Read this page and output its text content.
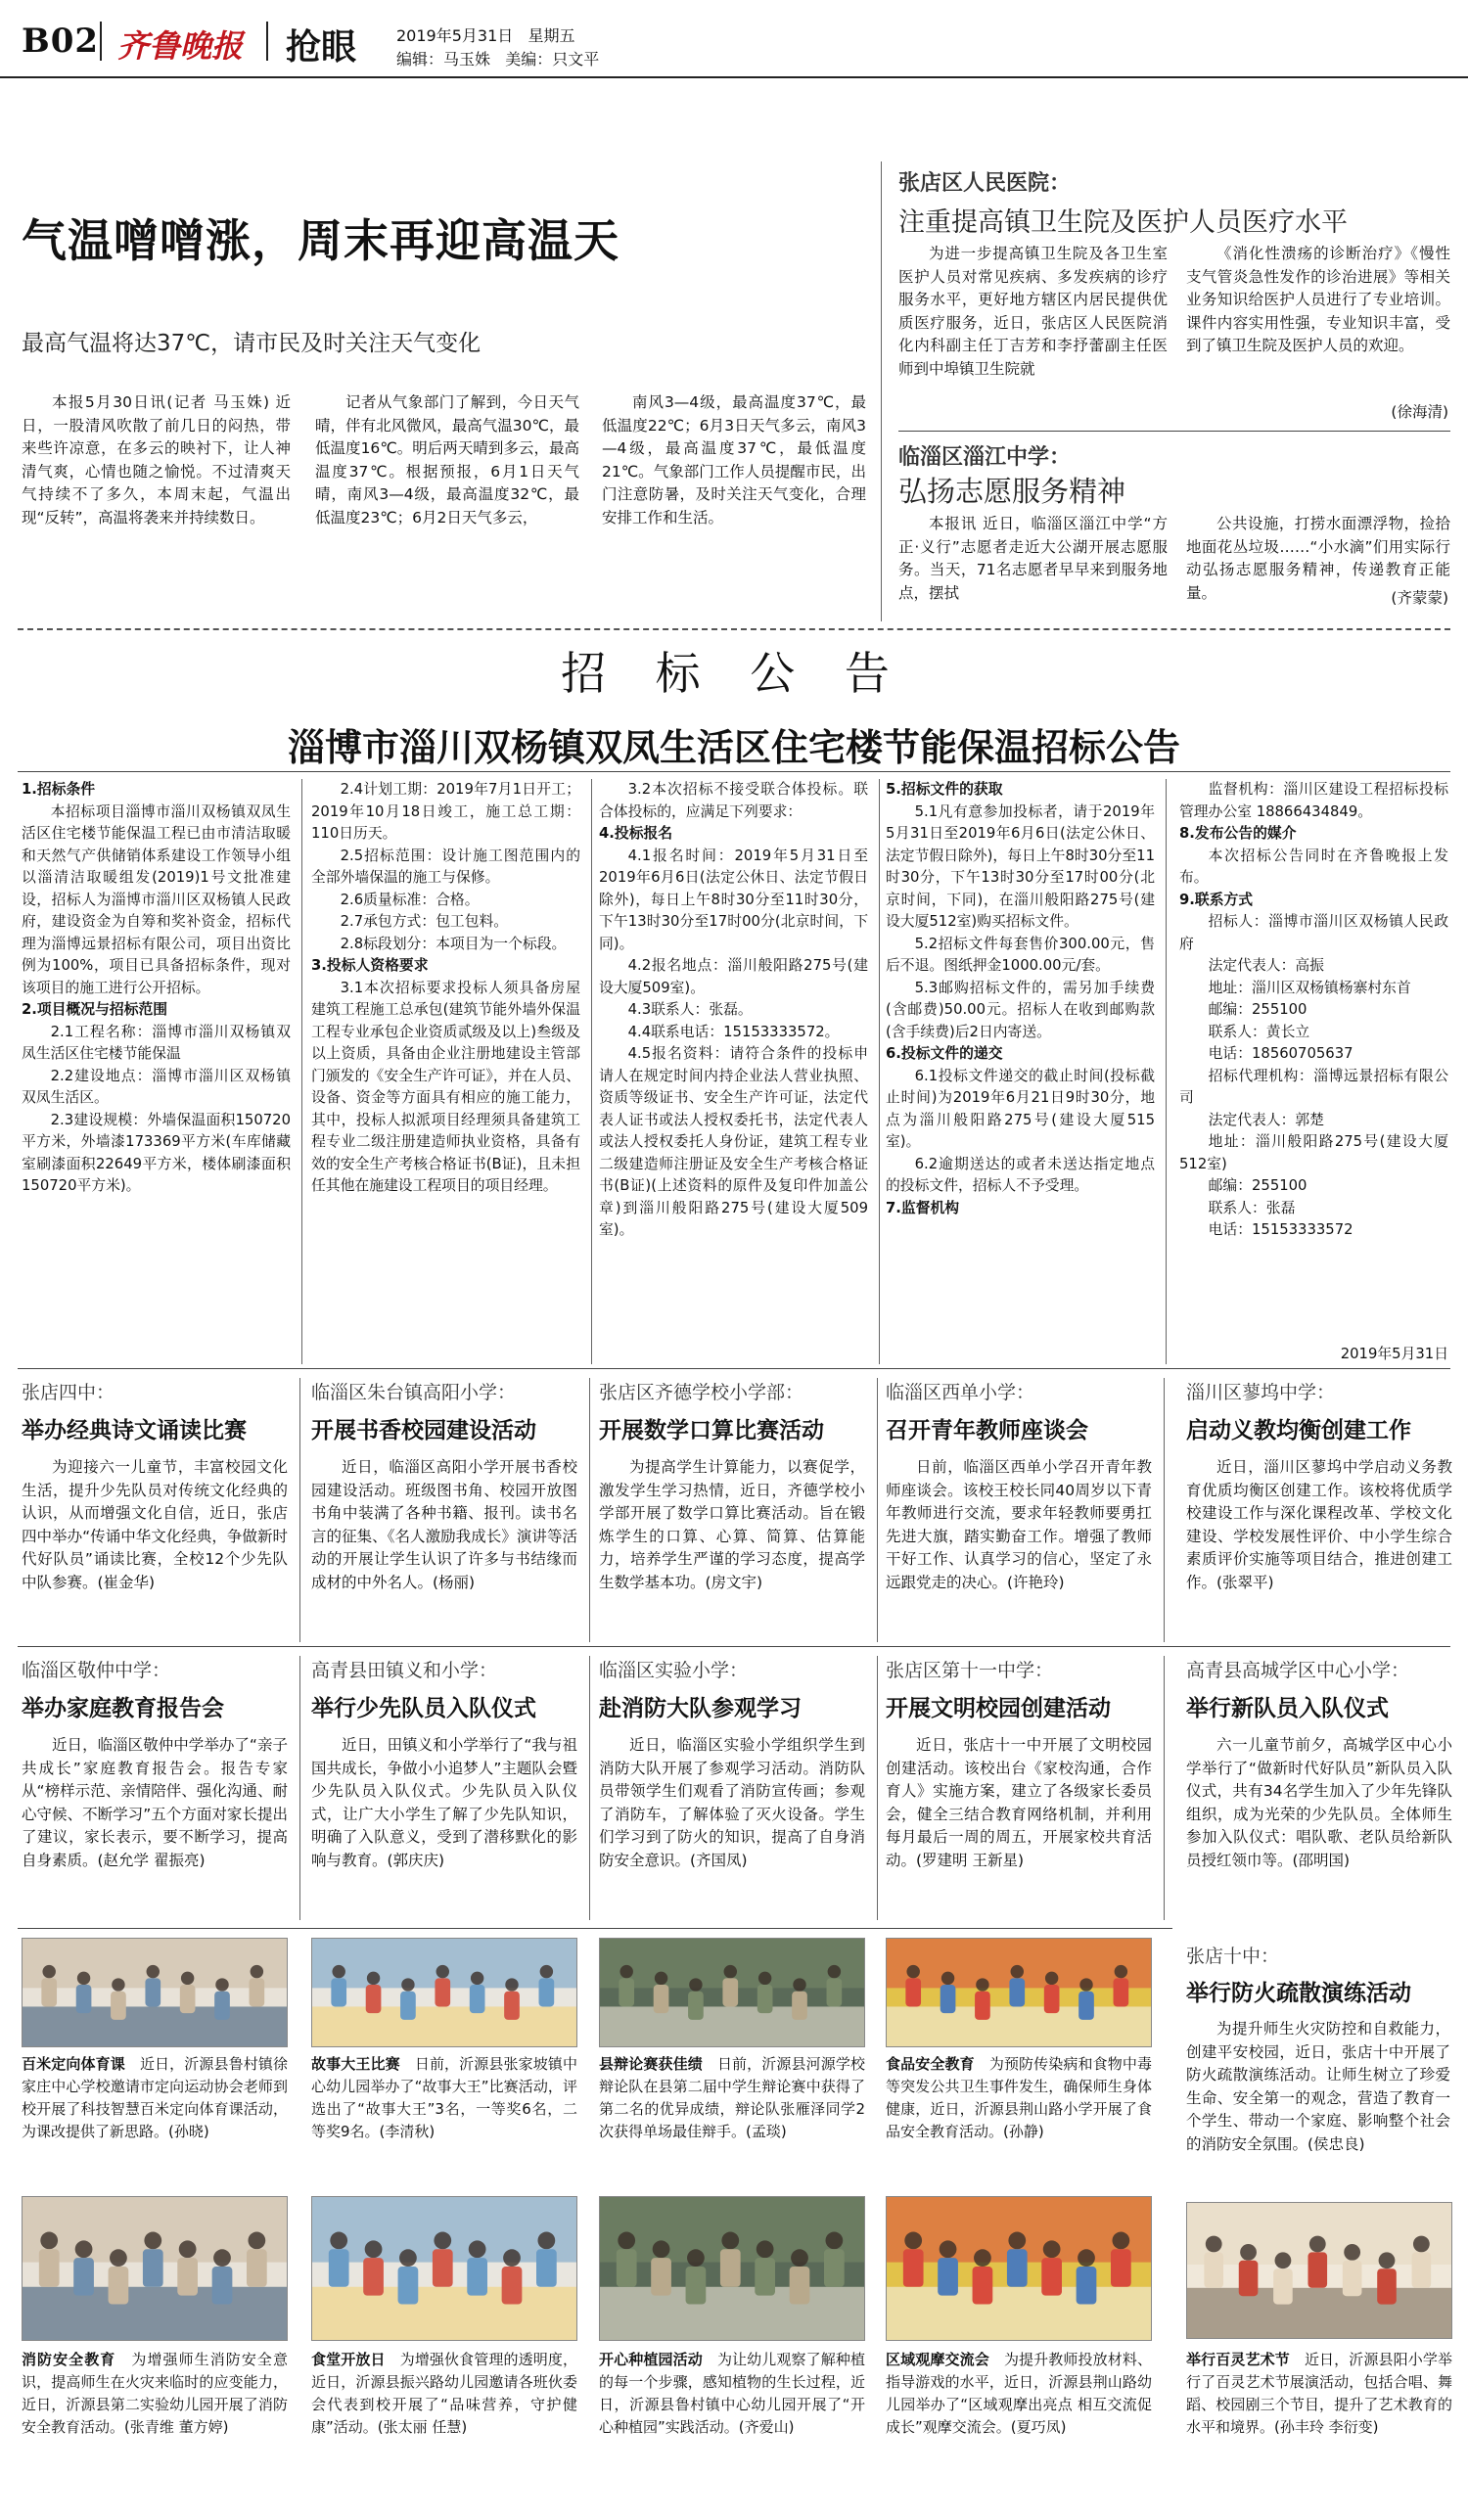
B02 齐鲁晚报 抢眼	2019年5月31日 星期五
编辑：马玉姝 美编：只文平
气温噌噌涨，周末再迎高温天
最高气温将达37℃，请市民及时关注天气变化

本报5月30日讯(记者 马玉姝) 近日，一股清风吹散了前几日的闷热，带来些许凉意，在多云的映衬下，让人神清气爽，心情也随之愉悦。不过清爽天气持续不了多久，本周末起，气温出现“反转”，高温将袭来并持续数日。

记者从气象部门了解到，今日天气晴，伴有北风微风，最高气温30℃，最低温度16℃。明后两天晴到多云，最高温度37℃。根据预报，6月1日天气晴，南风3—4级，最高温度32℃，最低温度23℃；6月2日天气多云，

南风3—4级，最高温度37℃，最低温度22℃；6月3日天气多云，南风3—4级，最高温度37℃，最低温度21℃。气象部门工作人员提醒市民，出门注意防暑，及时关注天气变化，合理安排工作和生活。

张店区人民医院：
注重提高镇卫生院及医护人员医疗水平

为进一步提高镇卫生院及各卫生室医护人员对常见疾病、多发疾病的诊疗服务水平，更好地方辖区内居民提供优质医疗服务，近日，张店区人民医院消化内科副主任丁吉芳和李抒蕾副主任医师到中埠镇卫生院就

《消化性溃疡的诊断治疗》《慢性支气管炎急性发作的诊治进展》等相关业务知识给医护人员进行了专业培训。课件内容实用性强，专业知识丰富，受到了镇卫生院及医护人员的欢迎。

(徐海清)
临淄区淄江中学：
弘扬志愿服务精神

本报讯 近日，临淄区淄江中学“方正·义行”志愿者走近大公湖开展志愿服务。当天，71名志愿者早早来到服务地点，摆拭

公共设施，打捞水面漂浮物，捡拾地面花丛垃圾……“小水滴”们用实际行动弘扬志愿服务精神，传递教育正能量。	(齐蒙蒙)
招 标 公 告
淄博市淄川双杨镇双凤生活区住宅楼节能保温招标公告

1.招标条件

本招标项目淄博市淄川双杨镇双凤生活区住宅楼节能保温工程已由市清洁取暖和天然气产供储销体系建设工作领导小组以淄清洁取暖组发(2019)1号文批准建设，招标人为淄博市淄川区双杨镇人民政府，建设资金为自筹和奖补资金，招标代理为淄博远景招标有限公司，项目出资比例为100%，项目已具备招标条件，现对该项目的施工进行公开招标。

2.项目概况与招标范围

2.1工程名称：淄博市淄川双杨镇双凤生活区住宅楼节能保温

2.2建设地点：淄博市淄川区双杨镇双凤生活区。

2.3建设规模：外墙保温面积150720平方米，外墙漆173369平方米(车库储藏室刷漆面积22649平方米，楼体刷漆面积150720平方米)。

2.4计划工期：2019年7月1日开工；2019年10月18日竣工，施工总工期：110日历天。

2.5招标范围：设计施工图范围内的全部外墙保温的施工与保修。

2.6质量标准：合格。

2.7承包方式：包工包料。

2.8标段划分：本项目为一个标段。

3.投标人资格要求

3.1本次招标要求投标人须具备房屋建筑工程施工总承包(建筑节能外墙外保温工程专业承包企业资质贰级及以上)叁级及以上资质，具备由企业注册地建设主管部门颁发的《安全生产许可证》，并在人员、设备、资金等方面具有相应的施工能力，其中，投标人拟派项目经理须具备建筑工程专业二级注册建造师执业资格，具备有效的安全生产考核合格证书(B证)，且未担任其他在施建设工程项目的项目经理。

3.2本次招标不接受联合体投标。联合体投标的，应满足下列要求：

4.投标报名

4.1报名时间：2019年5月31日至2019年6月6日(法定公休日、法定节假日除外)，每日上午8时30分至11时30分，下午13时30分至17时00分(北京时间，下同)。

4.2报名地点：淄川般阳路275号(建设大厦509室)。

4.3联系人：张磊。

4.4联系电话：15153333572。

4.5报名资料：请符合条件的投标申请人在规定时间内持企业法人营业执照、资质等级证书、安全生产许可证，法定代表人证书或法人授权委托书，法定代表人或法人授权委托人身份证，建筑工程专业二级建造师注册证及安全生产考核合格证书(B证)(上述资料的原件及复印件加盖公章)到淄川般阳路275号(建设大厦509室)。

5.招标文件的获取

5.1凡有意参加投标者，请于2019年5月31日至2019年6月6日(法定公休日、法定节假日除外)，每日上午8时30分至11时30分，下午13时30分至17时00分(北京时间，下同)，在淄川般阳路275号(建设大厦512室)购买招标文件。

5.2招标文件每套售价300.00元，售后不退。图纸押金1000.00元/套。

5.3邮购招标文件的，需另加手续费(含邮费)50.00元。招标人在收到邮购款(含手续费)后2日内寄送。

6.投标文件的递交

6.1投标文件递交的截止时间(投标截止时间)为2019年6月21日9时30分，地点为淄川般阳路275号(建设大厦515室)。

6.2逾期送达的或者未送达指定地点的投标文件，招标人不予受理。

7.监督机构

监督机构：淄川区建设工程招标投标管理办公室 18866434849。

8.发布公告的媒介

本次招标公告同时在齐鲁晚报上发布。

9.联系方式

招标人：淄博市淄川区双杨镇人民政府

法定代表人：高振

地址：淄川区双杨镇杨寨村东首

邮编：255100

联系人：黄长立

电话：18560705637

招标代理机构：淄博远景招标有限公司

法定代表人：郭楚

地址：淄川般阳路275号(建设大厦512室)

邮编：255100

联系人：张磊

电话：15153333572

2019年5月31日
张店四中：
举办经典诗文诵读比赛

为迎接六一儿童节，丰富校园文化生活，提升少先队员对传统文化经典的认识，从而增强文化自信，近日，张店四中举办“传诵中华文化经典，争做新时代好队员”诵读比赛，全校12个少先队中队参赛。(崔金华)

临淄区朱台镇高阳小学：
开展书香校园建设活动

近日，临淄区高阳小学开展书香校园建设活动。班级图书角、校园开放图书角中装满了各种书籍、报刊。读书名言的征集、《名人激励我成长》演讲等活动的开展让学生认识了许多与书结缘而成材的中外名人。(杨丽)

张店区齐德学校小学部：
开展数学口算比赛活动

为提高学生计算能力，以赛促学，激发学生学习热情，近日，齐德学校小学部开展了数学口算比赛活动。旨在锻炼学生的口算、心算、简算、估算能力，培养学生严谨的学习态度，提高学生数学基本功。(房文宇)

临淄区西单小学：
召开青年教师座谈会

日前，临淄区西单小学召开青年教师座谈会。该校王校长同40周岁以下青年教师进行交流，要求年轻教师要勇扛先进大旗，踏实勤奋工作。增强了教师干好工作、认真学习的信心，坚定了永远跟党走的决心。(许艳玲)

淄川区蓼坞中学：
启动义教均衡创建工作

近日，淄川区蓼坞中学启动义务教育优质均衡区创建工作。该校将优质学校建设工作与深化课程改革、学校文化建设、学校发展性评价、中小学生综合素质评价实施等项目结合，推进创建工作。(张翠平)

临淄区敬仲中学：
举办家庭教育报告会

近日，临淄区敬仲中学举办了“亲子共成长”家庭教育报告会。报告专家从“榜样示范、亲情陪伴、强化沟通、耐心守候、不断学习”五个方面对家长提出了建议，家长表示，要不断学习，提高自身素质。(赵允学 翟振亮)

高青县田镇义和小学：
举行少先队员入队仪式

近日，田镇义和小学举行了“我与祖国共成长，争做小小追梦人”主题队会暨少先队员入队仪式。少先队员入队仪式，让广大小学生了解了少先队知识，明确了入队意义，受到了潜移默化的影响与教育。(郭庆庆)

临淄区实验小学：
赴消防大队参观学习

近日，临淄区实验小学组织学生到消防大队开展了参观学习活动。消防队员带领学生们观看了消防宣传画；参观了消防车，了解体验了灭火设备。学生们学习到了防火的知识，提高了自身消防安全意识。(齐国凤)

张店区第十一中学：
开展文明校园创建活动

近日，张店十一中开展了文明校园创建活动。该校出台《家校沟通，合作育人》实施方案，建立了各级家长委员会，健全三结合教育网络机制，并利用每月最后一周的周五，开展家校共育活动。(罗建明 王新星)

高青县高城学区中心小学：
举行新队员入队仪式

六一儿童节前夕，高城学区中心小学举行了“做新时代好队员”新队员入队仪式，共有34名学生加入了少年先锋队组织，成为光荣的少先队员。全体师生参加入队仪式：唱队歌、老队员给新队员授红领巾等。(邵明国)

张店十中：
举行防火疏散演练活动

为提升师生火灾防控和自救能力，创建平安校园，近日，张店十中开展了防火疏散演练活动。让师生树立了珍爱生命、安全第一的观念，营造了教育一个学生、带动一个家庭、影响整个社会的消防安全氛围。(侯忠良)

百米定向体育课　 近日，沂源县鲁村镇徐家庄中心学校邀请市定向运动协会老师到校开展了科技智慧百米定向体育课活动，为课改提供了新思路。(孙晓)
故事大王比赛　 日前，沂源县张家坡镇中心幼儿园举办了“故事大王”比赛活动，评选出了“故事大王”3名，一等奖6名，二等奖9名。(李清秋)
县辩论赛获佳绩　 日前，沂源县河源学校辩论队在县第二届中学生辩论赛中获得了第二名的优异成绩，辩论队张雁泽同学2次获得单场最佳辩手。(孟琰)
食品安全教育　 为预防传染病和食物中毒等突发公共卫生事件发生，确保师生身体健康，近日，沂源县荆山路小学开展了食品安全教育活动。(孙静)
消防安全教育　 为增强师生消防安全意识，提高师生在火灾来临时的应变能力，近日，沂源县第二实验幼儿园开展了消防安全教育活动。(张青维 董方婷)
食堂开放日　 为增强伙食管理的透明度，近日，沂源县振兴路幼儿园邀请各班伙委会代表到校开展了“品味营养，守护健康”活动。(张太丽 任慧)
开心种植园活动　 为让幼儿观察了解种植的每一个步骤，感知植物的生长过程，近日，沂源县鲁村镇中心幼儿园开展了“开心种植园”实践活动。(齐爱山)
区域观摩交流会　 为提升教师投放材料、指导游戏的水平，近日，沂源县荆山路幼儿园举办了“区域观摩出亮点 相互交流促成长”观摩交流会。(夏巧凤)
举行百灵艺术节　 近日，沂源县阳小学举行了百灵艺术节展演活动，包括合唱、舞蹈、校园剧三个节目，提升了艺术教育的水平和境界。(孙丰玲 李衍变)
